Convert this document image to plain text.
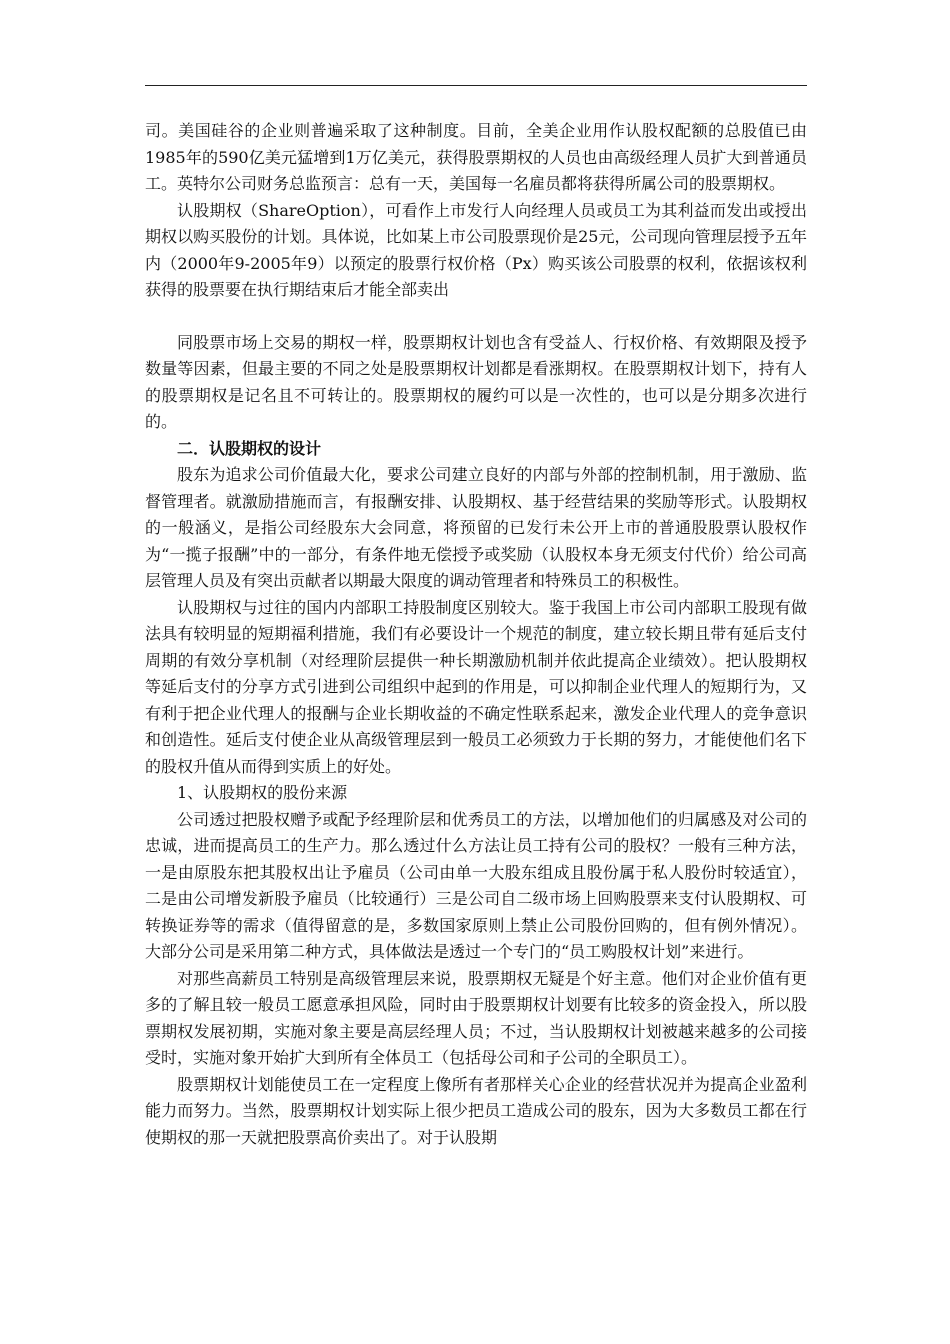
司。美国硅谷的企业则普遍采取了这种制度。目前，全美企业用作认股权配额的总股值已由1985年的590亿美元猛增到1万亿美元，获得股票期权的人员也由高级经理人员扩大到普通员工。英特尔公司财务总监预言：总有一天，美国每一名雇员都将获得所属公司的股票期权。

认股期权（ShareOption），可看作上市发行人向经理人员或员工为其利益而发出或授出期权以购买股份的计划。具体说，比如某上市公司股票现价是25元，公司现向管理层授予五年内（2000年9-2005年9）以预定的股票行权价格（Px）购买该公司股票的权利，依据该权利获得的股票要在执行期结束后才能全部卖出

同股票市场上交易的期权一样，股票期权计划也含有受益人、行权价格、有效期限及授予数量等因素，但最主要的不同之处是股票期权计划都是看涨期权。在股票期权计划下，持有人的股票期权是记名且不可转让的。股票期权的履约可以是一次性的，也可以是分期多次进行的。

二．认股期权的设计

股东为追求公司价值最大化，要求公司建立良好的内部与外部的控制机制，用于激励、监督管理者。就激励措施而言，有报酬安排、认股期权、基于经营结果的奖励等形式。认股期权的一般涵义，是指公司经股东大会同意，将预留的已发行未公开上市的普通股股票认股权作为“一揽子报酬”中的一部分，有条件地无偿授予或奖励（认股权本身无须支付代价）给公司高层管理人员及有突出贡献者以期最大限度的调动管理者和特殊员工的积极性。

认股期权与过往的国内内部职工持股制度区别较大。鉴于我国上市公司内部职工股现有做法具有较明显的短期福利措施，我们有必要设计一个规范的制度，建立较长期且带有延后支付周期的有效分享机制（对经理阶层提供一种长期激励机制并依此提高企业绩效）。把认股期权等延后支付的分享方式引进到公司组织中起到的作用是，可以抑制企业代理人的短期行为，又有利于把企业代理人的报酬与企业长期收益的不确定性联系起来，激发企业代理人的竞争意识和创造性。延后支付使企业从高级管理层到一般员工必须致力于长期的努力，才能使他们名下的股权升值从而得到实质上的好处。

1、认股期权的股份来源

公司透过把股权赠予或配予经理阶层和优秀员工的方法，以增加他们的归属感及对公司的忠诚，进而提高员工的生产力。那么透过什么方法让员工持有公司的股权？一般有三种方法，一是由原股东把其股权出让予雇员（公司由单一大股东组成且股份属于私人股份时较适宜），二是由公司增发新股予雇员（比较通行）三是公司自二级市场上回购股票来支付认股期权、可转换证券等的需求（值得留意的是，多数国家原则上禁止公司股份回购的，但有例外情况）。大部分公司是采用第二种方式，具体做法是透过一个专门的“员工购股权计划”来进行。

对那些高薪员工特别是高级管理层来说，股票期权无疑是个好主意。他们对企业价值有更多的了解且较一般员工愿意承担风险，同时由于股票期权计划要有比较多的资金投入，所以股票期权发展初期，实施对象主要是高层经理人员；不过，当认股期权计划被越来越多的公司接受时，实施对象开始扩大到所有全体员工（包括母公司和子公司的全职员工）。

股票期权计划能使员工在一定程度上像所有者那样关心企业的经营状况并为提高企业盈利能力而努力。当然，股票期权计划实际上很少把员工造成公司的股东，因为大多数员工都在行使期权的那一天就把股票高价卖出了。对于认股期
